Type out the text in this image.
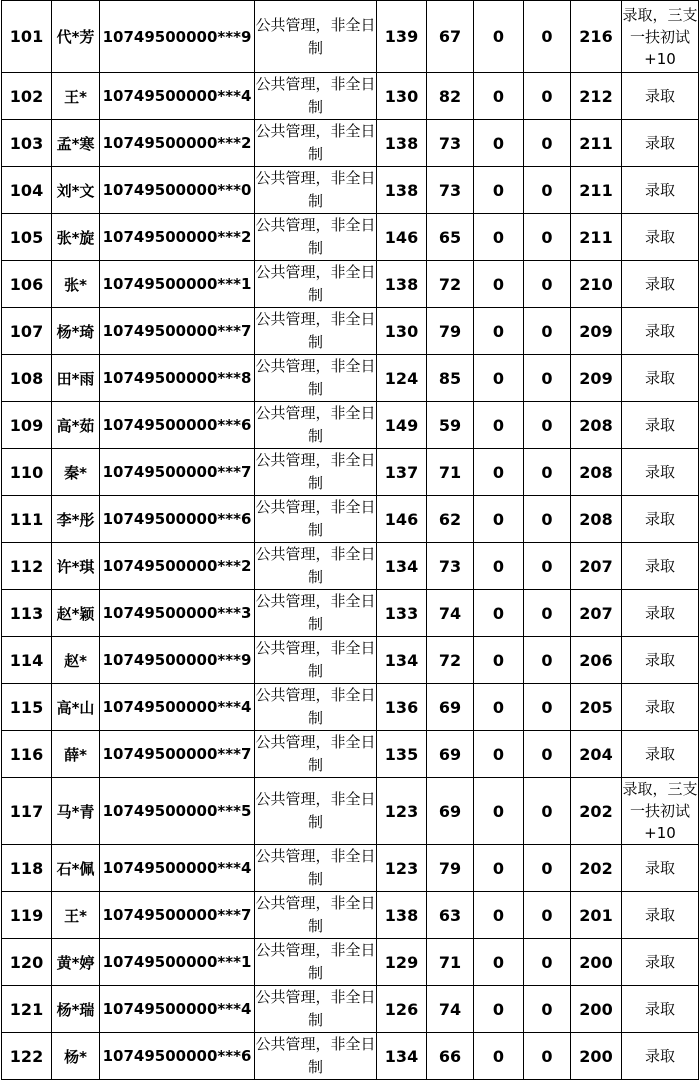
101	代*芳	10749500000***9	公共管理，非全日制	139	67	0	0	216	录取，三支一扶初试+10
102	王*	10749500000***4	公共管理，非全日制	130	82	0	0	212	录取
103	孟*寒	10749500000***2	公共管理，非全日制	138	73	0	0	211	录取
104	刘*文	10749500000***0	公共管理，非全日制	138	73	0	0	211	录取
105	张*旋	10749500000***2	公共管理，非全日制	146	65	0	0	211	录取
106	张*	10749500000***1	公共管理，非全日制	138	72	0	0	210	录取
107	杨*琦	10749500000***7	公共管理，非全日制	130	79	0	0	209	录取
108	田*雨	10749500000***8	公共管理，非全日制	124	85	0	0	209	录取
109	高*茹	10749500000***6	公共管理，非全日制	149	59	0	0	208	录取
110	秦*	10749500000***7	公共管理，非全日制	137	71	0	0	208	录取
111	李*彤	10749500000***6	公共管理，非全日制	146	62	0	0	208	录取
112	许*琪	10749500000***2	公共管理，非全日制	134	73	0	0	207	录取
113	赵*颖	10749500000***3	公共管理，非全日制	133	74	0	0	207	录取
114	赵*	10749500000***9	公共管理，非全日制	134	72	0	0	206	录取
115	高*山	10749500000***4	公共管理，非全日制	136	69	0	0	205	录取
116	薛*	10749500000***7	公共管理，非全日制	135	69	0	0	204	录取
117	马*青	10749500000***5	公共管理，非全日制	123	69	0	0	202	录取，三支一扶初试+10
118	石*佩	10749500000***4	公共管理，非全日制	123	79	0	0	202	录取
119	王*	10749500000***7	公共管理，非全日制	138	63	0	0	201	录取
120	黄*婷	10749500000***1	公共管理，非全日制	129	71	0	0	200	录取
121	杨*瑞	10749500000***4	公共管理，非全日制	126	74	0	0	200	录取
122	杨*	10749500000***6	公共管理，非全日制	134	66	0	0	200	录取
